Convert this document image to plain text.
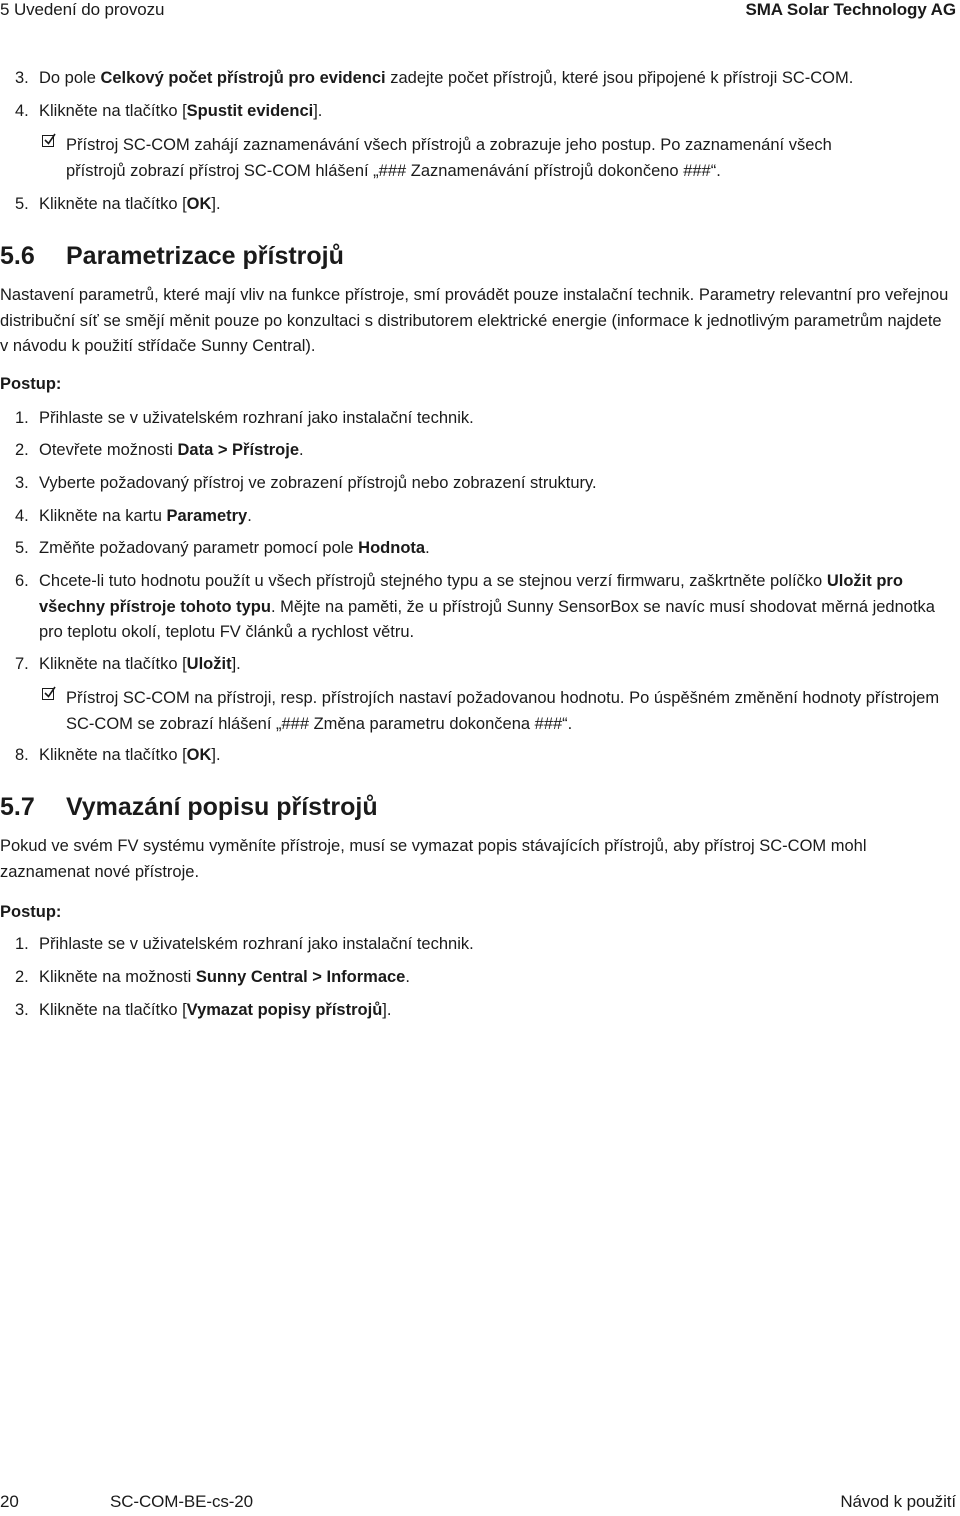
5 Uvedení do provozu	SMA Solar Technology AG
3. Do pole Celkový počet přístrojů pro evidenci zadejte počet přístrojů, které jsou připojené k přístroji SC-COM.
4. Klikněte na tlačítko [Spustit evidenci].
Přístroj SC-COM zahájí zaznamenávání všech přístrojů a zobrazuje jeho postup. Po zaznamenání všech
přístrojů zobrazí přístroj SC-COM hlášení „### Zaznamenávání přístrojů dokončeno ###“.
5. Klikněte na tlačítko [OK].
5.6 Parametrizace přístrojů
Nastavení parametrů, které mají vliv na funkce přístroje, smí provádět pouze instalační technik. Parametry relevantní pro veřejnou distribuční síť se smějí měnit pouze po konzultaci s distributorem elektrické energie (informace k jednotlivým parametrům najdete v návodu k použití střídače Sunny Central).
Postup:
1. Přihlaste se v uživatelském rozhraní jako instalační technik.
2. Otevřete možnosti Data > Přístroje.
3. Vyberte požadovaný přístroj ve zobrazení přístrojů nebo zobrazení struktury.
4. Klikněte na kartu Parametry.
5. Změňte požadovaný parametr pomocí pole Hodnota.
6. Chcete-li tuto hodnotu použít u všech přístrojů stejného typu a se stejnou verzí firmwaru, zaškrtněte políčko Uložit pro všechny přístroje tohoto typu. Mějte na paměti, že u přístrojů Sunny SensorBox se navíc musí shodovat měrná jednotka pro teplotu okolí, teplotu FV článků a rychlost větru.
7. Klikněte na tlačítko [Uložit].
Přístroj SC-COM na přístroji, resp. přístrojích nastaví požadovanou hodnotu. Po úspěšném změnění hodnoty přístrojem SC-COM se zobrazí hlášení „### Změna parametru dokončena ###“.
8. Klikněte na tlačítko [OK].
5.7 Vymazání popisu přístrojů
Pokud ve svém FV systému vyměníte přístroje, musí se vymazat popis stávajících přístrojů, aby přístroj SC-COM mohl zaznamenat nové přístroje.
Postup:
1. Přihlaste se v uživatelském rozhraní jako instalační technik.
2. Klikněte na možnosti Sunny Central > Informace.
3. Klikněte na tlačítko [Vymazat popisy přístrojů].
20	SC-COM-BE-cs-20	Návod k použití
